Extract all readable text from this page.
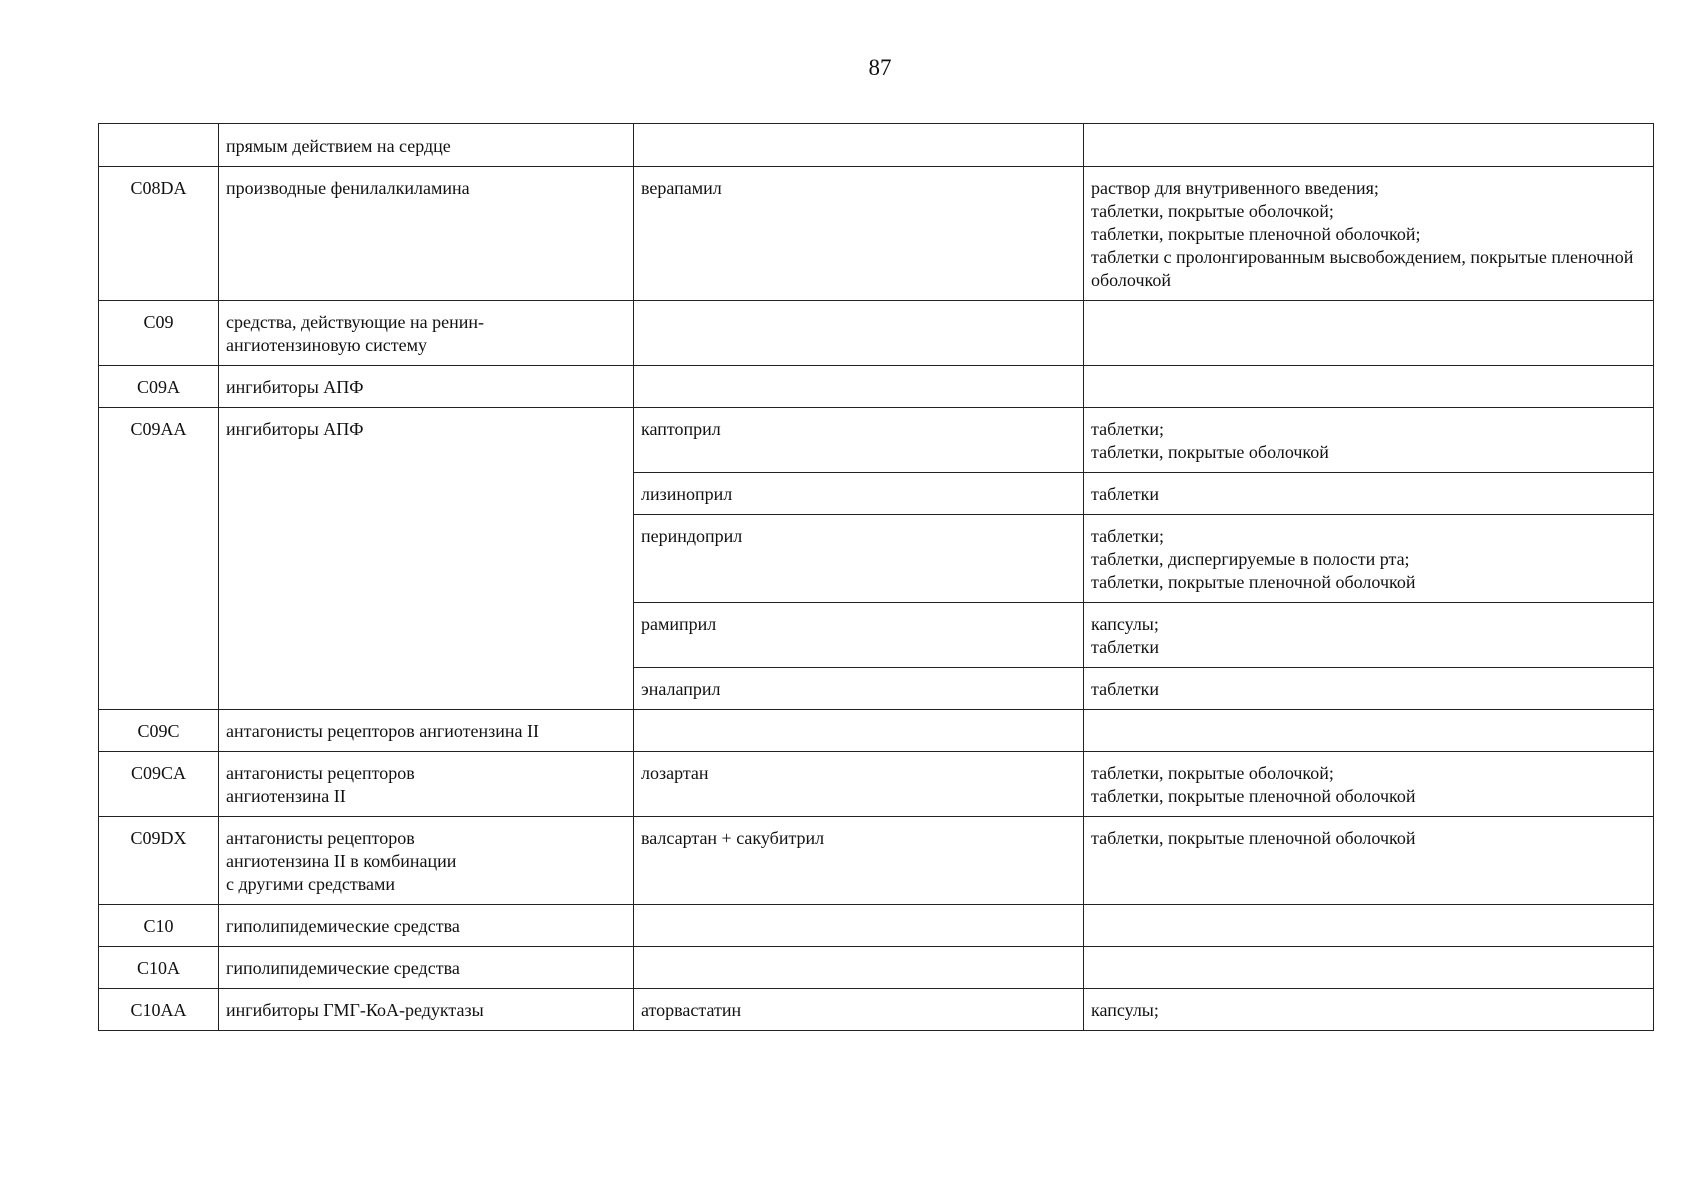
87
	прямым действием на сердце		
C08DA	производные фенилалкиламина	верапамил	раствор для внутривенного введения;
таблетки, покрытые оболочкой;
таблетки, покрытые пленочной оболочкой;
таблетки с пролонгированным высвобождением, покрытые пленочной оболочкой
C09	средства, действующие на ренин-
ангиотензиновую систему		
C09A	ингибиторы АПФ		
C09AA	ингибиторы АПФ	каптоприл	таблетки;
таблетки, покрытые оболочкой
		лизиноприл	таблетки
		периндоприл	таблетки;
таблетки, диспергируемые в полости рта;
таблетки, покрытые пленочной оболочкой
		рамиприл	капсулы;
таблетки
		эналаприл	таблетки
C09C	антагонисты рецепторов ангиотензина II		
C09CA	антагонисты рецепторов
ангиотензина II	лозартан	таблетки, покрытые оболочкой;
таблетки, покрытые пленочной оболочкой
C09DX	антагонисты рецепторов
ангиотензина II в комбинации
с другими средствами	валсартан + сакубитрил	таблетки, покрытые пленочной оболочкой
C10	гиполипидемические средства		
C10A	гиполипидемические средства		
C10AA	ингибиторы ГМГ-КоА-редуктазы	аторвастатин	капсулы;
